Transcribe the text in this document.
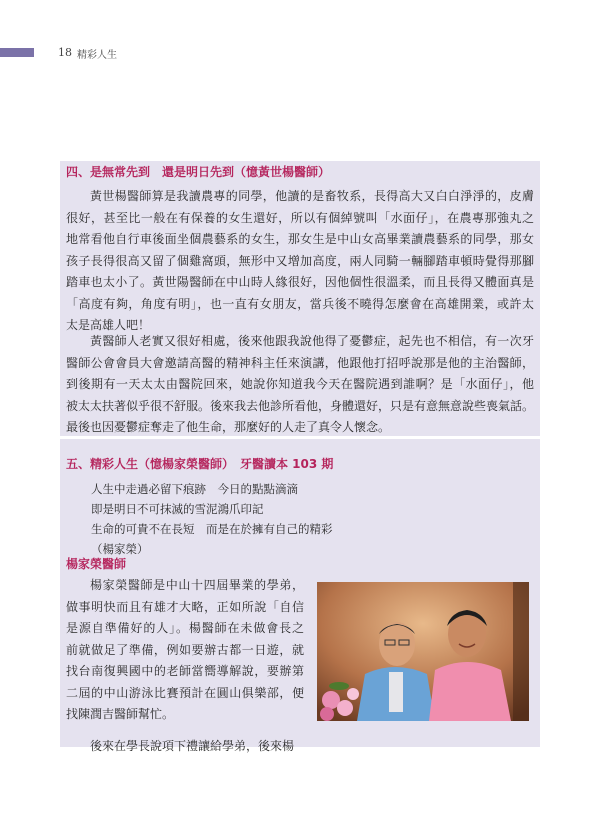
18 精彩人生
四、是無常先到　還是明日先到（憶黃世楊醫師）

黃世楊醫師算是我讀農專的同學，他讀的是畜牧系，長得高大又白白淨淨的，皮膚
很好，甚至比一般在有保養的女生還好，所以有個綽號叫「水面仔」，在農專那強丸之
地常看他自行車後面坐個農藝系的女生，那女生是中山女高畢業讀農藝系的同學，那女
孩子長得很高又留了個雞窩頭，無形中又增加高度，兩人同騎一輛腳踏車頓時覺得那腳
踏車也太小了。黃世陽醫師在中山時人緣很好，因他個性很溫柔，而且長得又體面真是
「高度有夠，角度有明」，也一直有女朋友，當兵後不曉得怎麼會在高雄開業，或許太
太是高雄人吧！

黃醫師人老實又很好相處，後來他跟我說他得了憂鬱症，起先也不相信，有一次牙
醫師公會會員大會邀請高醫的精神科主任來演講，他跟他打招呼說那是他的主治醫師，
到後期有一天太太由醫院回來，她說你知道我今天在醫院遇到誰啊？是「水面仔」，他
被太太扶著似乎很不舒服。後來我去他診所看他，身體還好，只是有意無意說些喪氣話。
最後也因憂鬱症奪走了他生命，那麼好的人走了真令人懷念。

五、精彩人生（憶楊家榮醫師）　牙醫讀本 103 期
人生中走過必留下痕跡　今日的點點滴滴
即是明日不可抹滅的雪泥鴻爪印記
生命的可貴不在長短　而是在於擁有自己的精彩
（楊家榮）
楊家榮醫師
楊家榮醫師是中山十四屆畢業的學弟，
做事明快而且有雄才大略，正如所說「自信
是源自準備好的人」。楊醫師在未做會長之
前就做足了準備，例如要辦古都一日遊，就
找台南復興國中的老師當嚮導解說，要辦第
二屆的中山游泳比賽預計在圓山俱樂部，便
找陳潤吉醫師幫忙。
後來在學長說項下禮讓給學弟，後來楊
